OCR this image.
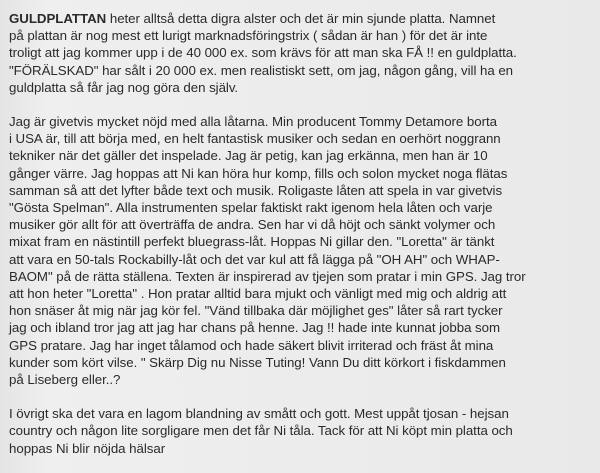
GULDPLATTAN heter alltså detta digra alster och det är min sjunde platta. Namnet
på plattan är nog mest ett lurigt marknadsföringstrix ( sådan är han ) för det är inte
troligt att jag kommer upp i de 40 000 ex. som krävs för att man ska FÅ !! en guldplatta.
"FÖRÄLSKAD" har sålt i 20 000 ex. men realistiskt sett, om jag, någon gång, vill ha en
guldplatta så får jag nog göra den själv.

Jag är givetvis mycket nöjd med alla låtarna. Min producent Tommy Detamore borta
i USA är, till att börja med, en helt fantastisk musiker och sedan en oerhört noggrann
tekniker när det gäller det inspelade. Jag är petig, kan jag erkänna, men han är 10
gånger värre. Jag hoppas att Ni kan höra hur komp, fills och solon mycket noga flätas
samman så att det lyfter både text och musik. Roligaste låten att spela in var givetvis
"Gösta Spelman". Alla instrumenten spelar faktiskt rakt igenom hela låten och varje
musiker gör allt för att överträffa de andra. Sen har vi då höjt och sänkt volymer och
mixat fram en nästintill perfekt bluegrass-låt. Hoppas Ni gillar den. "Loretta" är tänkt
att vara en 50-tals Rockabilly-låt och det var kul att få lägga på "OH AH" och WHAP-
BAOM" på de rätta ställena. Texten är inspirerad av tjejen som pratar i min GPS. Jag tror
att hon heter "Loretta" . Hon pratar alltid bara mjukt och vänligt med mig och aldrig att
hon snäser åt mig när jag kör fel. "Vänd tillbaka där möjlighet ges" låter så rart tycker
jag och ibland tror jag att jag har chans på henne. Jag !! hade inte kunnat jobba som
GPS pratare. Jag har inget tålamod och hade säkert blivit irriterad och fräst åt mina
kunder som kört vilse. " Skärp Dig nu Nisse Tuting! Vann Du ditt körkort i fiskdammen
på Liseberg eller..?

I övrigt ska det vara en lagom blandning av smått och gott. Mest uppåt tjosan - hejsan
country och någon lite sorgligare men det får Ni tåla. Tack för att Ni köpt min platta och
hoppas Ni blir nöjda hälsar
